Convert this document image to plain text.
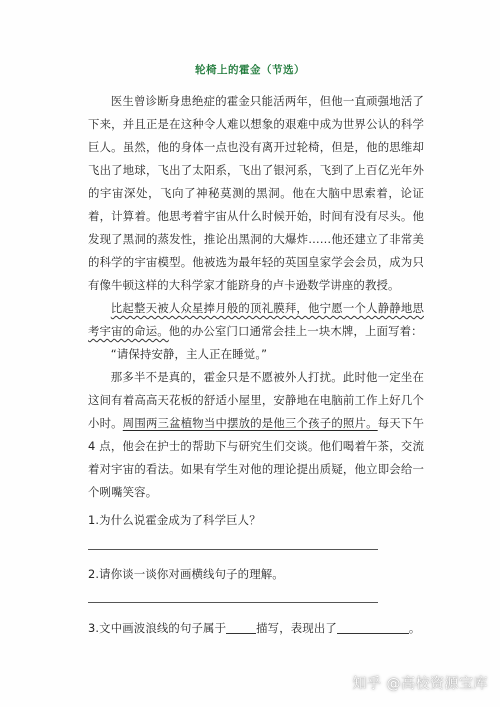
轮椅上的霍金（节选）

医生曾诊断身患绝症的霍金只能活两年，但他一直顽强地活了下来，并且正是在这种令人难以想象的艰难中成为世界公认的科学巨人。虽然，他的身体一点也没有离开过轮椅，但是，他的思维却飞出了地球，飞出了太阳系，飞出了银河系，飞到了上百亿光年外的宇宙深处，飞向了神秘莫测的黑洞。他在大脑中思索着，论证着，计算着。他思考着宇宙从什么时候开始，时间有没有尽头。他发现了黑洞的蒸发性，推论出黑洞的大爆炸……他还建立了非常美的科学的宇宙模型。他被选为最年轻的英国皇家学会会员，成为只有像牛顿这样的大科学家才能跻身的卢卡逊数学讲座的教授。

比起整天被人众星捧月般的顶礼膜拜，他宁愿一个人静静地思考宇宙的命运。他的办公室门口通常会挂上一块木牌，上面写着：

“请保持安静，主人正在睡觉。”

那多半不是真的，霍金只是不愿被外人打扰。此时他一定坐在这间有着高高天花板的舒适小屋里，安静地在电脑前工作上好几个小时。周围两三盆植物当中摆放的是他三个孩子的照片。每天下午 4 点，他会在护士的帮助下与研究生们交谈。他们喝着午茶，交流着对宇宙的看法。如果有学生对他的理论提出质疑，他立即会给一个咧嘴笑容。

1.为什么说霍金成为了科学巨人？
2.请你谈一谈你对画横线句子的理解。
3.文中画波浪线的句子属于	描写，表现出了	。
知乎 @高校资源宝库
